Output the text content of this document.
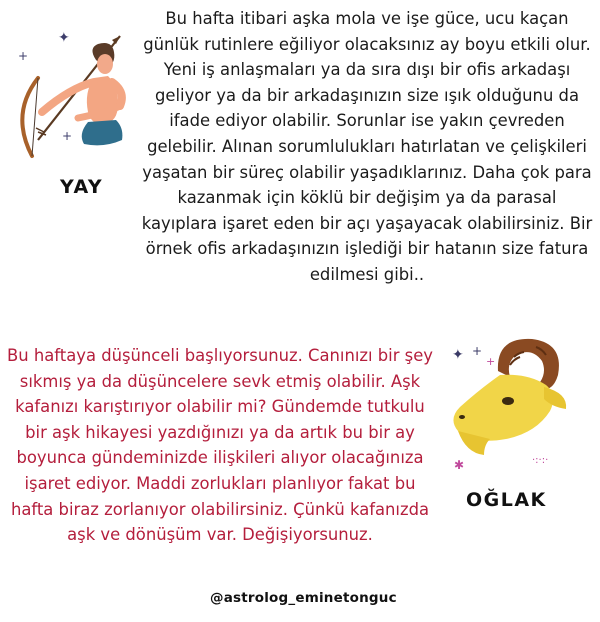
✦
+
+
YAY

Bu hafta itibari aşka mola ve işe güce, ucu kaçan günlük rutinlere eğiliyor olacaksınız ay boyu etkili olur. Yeni iş anlaşmaları ya da sıra dışı bir ofis arkadaşı geliyor ya da bir arkadaşınızın size ışık olduğunu da ifade ediyor olabilir. Sorunlar ise yakın çevreden gelebilir. Alınan sorumlulukları hatırlatan ve çelişkileri yaşatan bir süreç olabilir yaşadıklarınız. Daha çok para kazanmak için köklü bir değişim ya da parasal kayıplara işaret eden bir açı yaşayacak olabilirsiniz. Bir örnek ofis arkadaşınızın işlediği bir hatanın size fatura edilmesi gibi..

✦ +
+
✱	·:·:·
OĞLAK

Bu haftaya düşünceli başlıyorsunuz. Canınızı bir şey sıkmış ya da düşüncelere sevk etmiş olabilir. Aşk kafanızı karıştırıyor olabilir mi? Gündemde tutkulu bir aşk hikayesi yazdığınızı ya da artık bu bir ay boyunca gündeminizde ilişkileri alıyor olacağınıza işaret ediyor. Maddi zorlukları planlıyor fakat bu hafta biraz zorlanıyor olabilirsiniz. Çünkü kafanızda aşk ve dönüşüm var. Değişiyorsunuz.

@astrolog_eminetonguc
